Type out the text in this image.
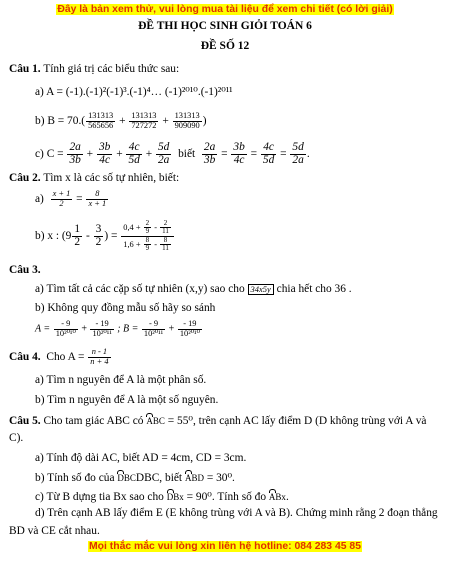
Đây là bản xem thử, vui lòng mua tài liệu để xem chi tiết (có lời giải)
ĐỀ THI HỌC SINH GIỎI TOÁN 6
ĐỀ SỐ 12
Câu 1. Tính giá trị các biểu thức sau:
a) A = (-1).(-1)²(-1)³.(-1)⁴… (-1)²⁰¹⁰.(-1)²⁰¹¹
b) $B = 70.( \frac{131313}{565656} + \frac{131313}{727272} + \frac{131313}{909090}$ )
c) $C = \frac{2a}{3b} + \frac{3b}{4c} + \frac{4c}{5d} + \frac{5d}{2a}$ biết $\frac{2a}{3b} = \frac{3b}{4c} = \frac{4c}{5d} = \frac{5d}{2a}$ .
Câu 2. Tìm x là các số tự nhiên, biết:
$a) \frac{x + 1}{2} = \frac{8}{x + 1}$
b) x : ($9 \frac{1}{2} - \frac{3}{2}$ ) = $\frac{0,4 + \frac{2}{9} - \frac{2}{11}}{1,6 + \frac{8}{9} - \frac{8}{11}}$
Câu 3.
a) Tìm tất cả các cặp số tự nhiên (x,y) sao cho 34x5y chia hết cho 36 .
b) Không quy đồng mẫu số hãy so sánh
$A = \frac{- 9}{\text{10²⁰¹⁰}} + \frac{- 19}{\text{10²⁰¹¹}}$ ; $B = \frac{- 9}{\text{10²⁰¹¹}} + \frac{- 19}{\text{10²⁰¹⁰}}$
Câu 4. Cho $A = \frac{n - 1}{n + 4}$
a) Tìm n nguyên để A là một phân số.
b) Tìm n nguyên để A là một số nguyên.
Câu 5. Cho tam giác ABC có ABC = 55⁰, trên cạnh AC lấy điểm D (D không trùng với A và
C).
a) Tính độ dài AC, biết AD = 4cm, CD = 3cm.
b) Tính số đo của DBCDBC, biết ABD = 30⁰.
c) Từ B dựng tia Bx sao cho DBx = 90⁰. Tính số đo ABx.
d) Trên cạnh AB lấy điểm E (E không trùng với A và B). Chứng minh rằng 2 đoạn thẳng
BD và CE cắt nhau.
Mọi thắc mắc vui lòng xin liên hệ hotline: 084 283 45 85
